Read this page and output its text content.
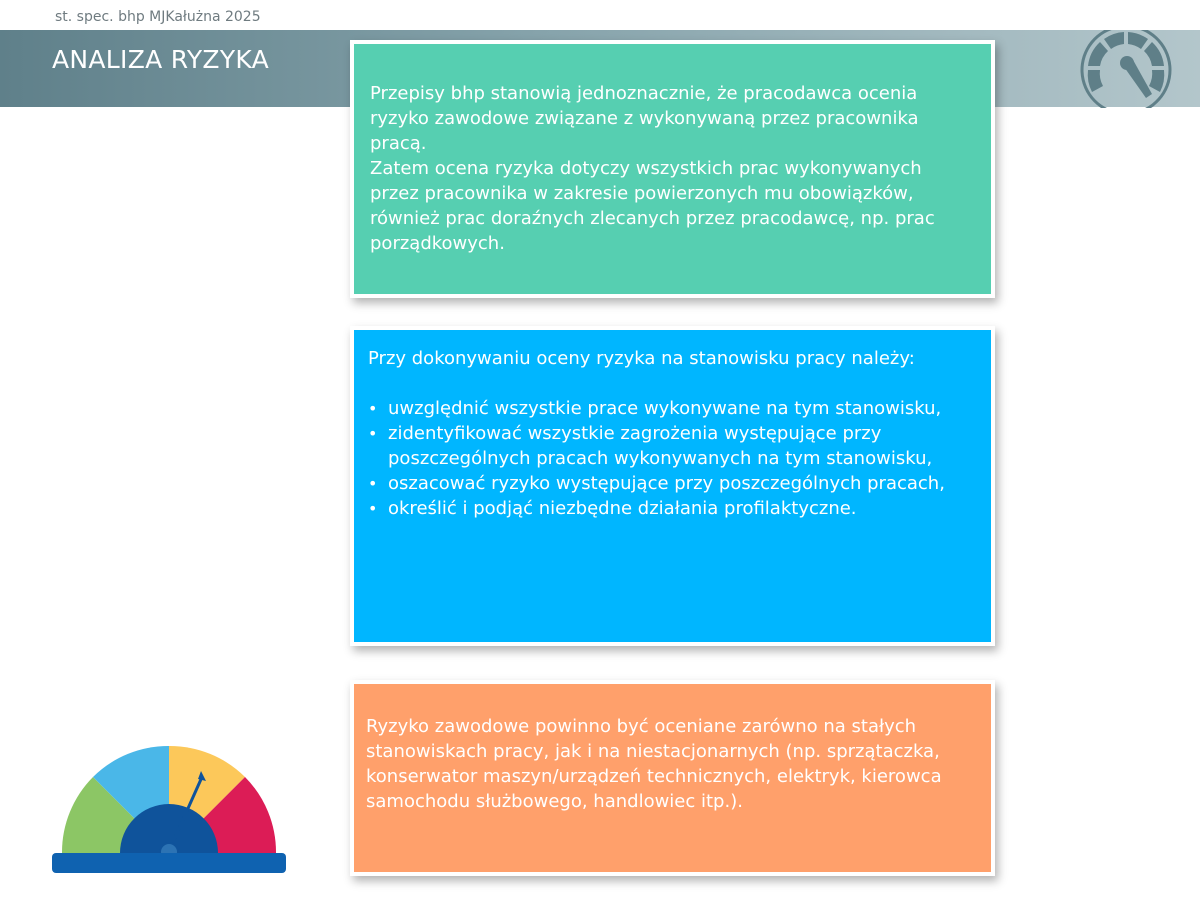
st. spec. bhp MJKałużna 2025
ANALIZA RYZYKA

Przepisy bhp stanowią jednoznacznie, że pracodawca ocenia ryzyko zawodowe związane z wykonywaną przez pracownika pracą.

Zatem ocena ryzyka dotyczy wszystkich prac wykonywanych przez pracownika w zakresie powierzonych mu obowiązków, również prac doraźnych zlecanych przez pracodawcę, np. prac porządkowych.

Przy dokonywaniu oceny ryzyka na stanowisku pracy należy:

• uwzględnić wszystkie prace wykonywane na tym stanowisku,
• zidentyfikować wszystkie zagrożenia występujące przy poszczególnych pracach wykonywanych na tym stanowisku,
• oszacować ryzyko występujące przy poszczególnych pracach,
• określić i podjąć niezbędne działania profilaktyczne.

Ryzyko zawodowe powinno być oceniane zarówno na stałych stanowiskach pracy, jak i na niestacjonarnych (np. sprzątaczka, konserwator maszyn/urządzeń technicznych, elektryk, kierowca samochodu służbowego, handlowiec itp.).
